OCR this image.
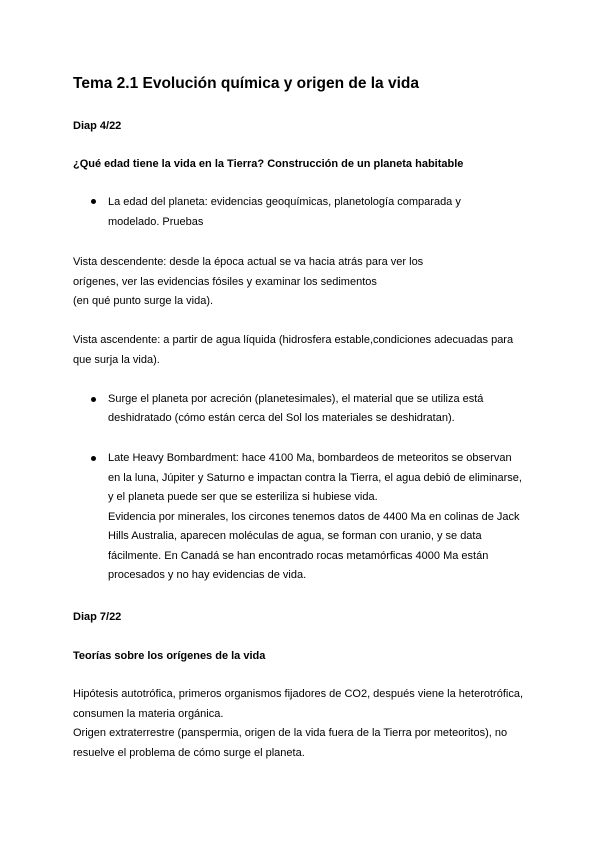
Tema 2.1 Evolución química y origen de la vida
Diap 4/22
¿Qué edad tiene la vida en la Tierra? Construcción de un planeta habitable
La edad del planeta: evidencias geoquímicas, planetología comparada y
modelado. Pruebas
Vista descendente: desde la época actual se va hacia atrás para ver los
orígenes, ver las evidencias fósiles y examinar los sedimentos
(en qué punto surge la vida).
Vista ascendente: a partir de agua líquida (hidrosfera estable,condiciones adecuadas para
que surja la vida).
Surge el planeta por acreción (planetesimales), el material que se utiliza está
deshidratado (cómo están cerca del Sol los materiales se deshidratan).
Late Heavy Bombardment: hace 4100 Ma, bombardeos de meteoritos se observan
en la luna, Júpiter y Saturno e impactan contra la Tierra, el agua debió de eliminarse,
y el planeta puede ser que se esteriliza si hubiese vida.
Evidencia por minerales, los circones tenemos datos de 4400 Ma en colinas de Jack
Hills Australia, aparecen moléculas de agua, se forman con uranio, y se data
fácilmente. En Canadá se han encontrado rocas metamórficas 4000 Ma están
procesados y no hay evidencias de vida.
Diap 7/22
Teorías sobre los orígenes de la vida
Hipótesis autotrófica, primeros organismos fijadores de CO2, después viene la heterotrófica,
consumen la materia orgánica.
Origen extraterrestre (panspermia, origen de la vida fuera de la Tierra por meteoritos), no
resuelve el problema de cómo surge el planeta.
